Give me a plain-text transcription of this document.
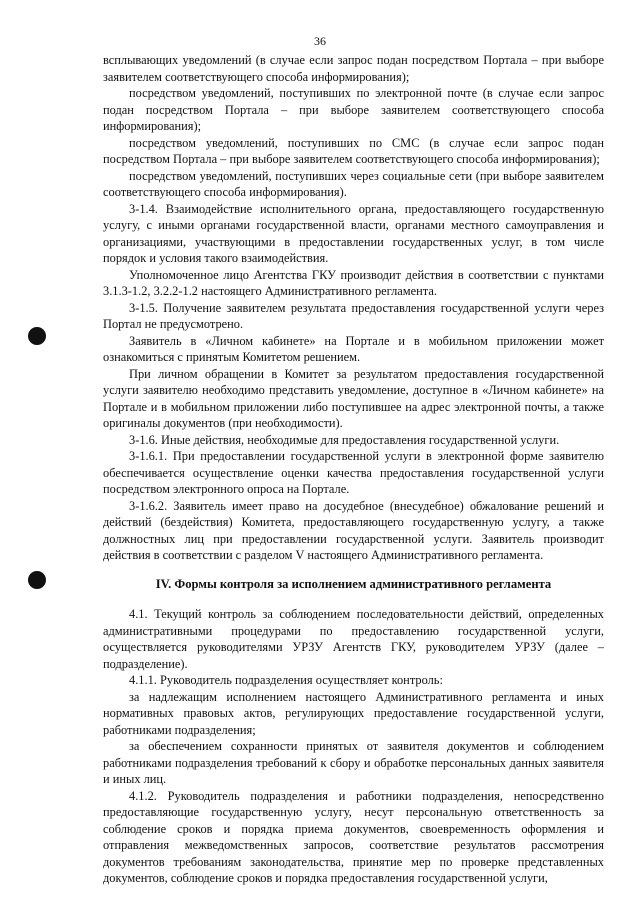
36

всплывающих уведомлений (в случае если запрос подан посредством Портала – при выборе заявителем соответствующего способа информирования);

посредством уведомлений, поступивших по электронной почте (в случае если запрос подан посредством Портала – при выборе заявителем соответствующего способа информирования);

посредством уведомлений, поступивших по СМС (в случае если запрос подан посредством Портала – при выборе заявителем соответствующего способа информирования);

посредством уведомлений, поступивших через социальные сети (при выборе заявителем соответствующего способа информирования).

3-1.4. Взаимодействие исполнительного органа, предоставляющего государственную услугу, с иными органами государственной власти, органами местного самоуправления и организациями, участвующими в предоставлении государственных услуг, в том числе порядок и условия такого взаимодействия.

Уполномоченное лицо Агентства ГКУ производит действия в соответствии с пунктами 3.1.3-1.2, 3.2.2-1.2 настоящего Административного регламента.

3-1.5. Получение заявителем результата предоставления государственной услуги через Портал не предусмотрено.

Заявитель в «Личном кабинете» на Портале и в мобильном приложении может ознакомиться с принятым Комитетом решением.

При личном обращении в Комитет за результатом предоставления государственной услуги заявителю необходимо представить уведомление, доступное в «Личном кабинете» на Портале и в мобильном приложении либо поступившее на адрес электронной почты, а также оригиналы документов (при необходимости).

3-1.6. Иные действия, необходимые для предоставления государственной услуги.

3-1.6.1. При предоставлении государственной услуги в электронной форме заявителю обеспечивается осуществление оценки качества предоставления государственной услуги посредством электронного опроса на Портале.

3-1.6.2. Заявитель имеет право на досудебное (внесудебное) обжалование решений и действий (бездействия) Комитета, предоставляющего государственную услугу, а также должностных лиц при предоставлении государственной услуги. Заявитель производит действия в соответствии с разделом V настоящего Административного регламента.

IV. Формы контроля за исполнением административного регламента

4.1. Текущий контроль за соблюдением последовательности действий, определенных административными процедурами по предоставлению государственной услуги, осуществляется руководителями УРЗУ Агентств ГКУ, руководителем УРЗУ (далее – подразделение).

4.1.1. Руководитель подразделения осуществляет контроль:

за надлежащим исполнением настоящего Административного регламента и иных нормативных правовых актов, регулирующих предоставление государственной услуги, работниками подразделения;

за обеспечением сохранности принятых от заявителя документов и соблюдением работниками подразделения требований к сбору и обработке персональных данных заявителя и иных лиц.

4.1.2. Руководитель подразделения и работники подразделения, непосредственно предоставляющие государственную услугу, несут персональную ответственность за соблюдение сроков и порядка приема документов, своевременность оформления и отправления межведомственных запросов, соответствие результатов рассмотрения документов требованиям законодательства, принятие мер по проверке представленных документов, соблюдение сроков и порядка предоставления государственной услуги,
